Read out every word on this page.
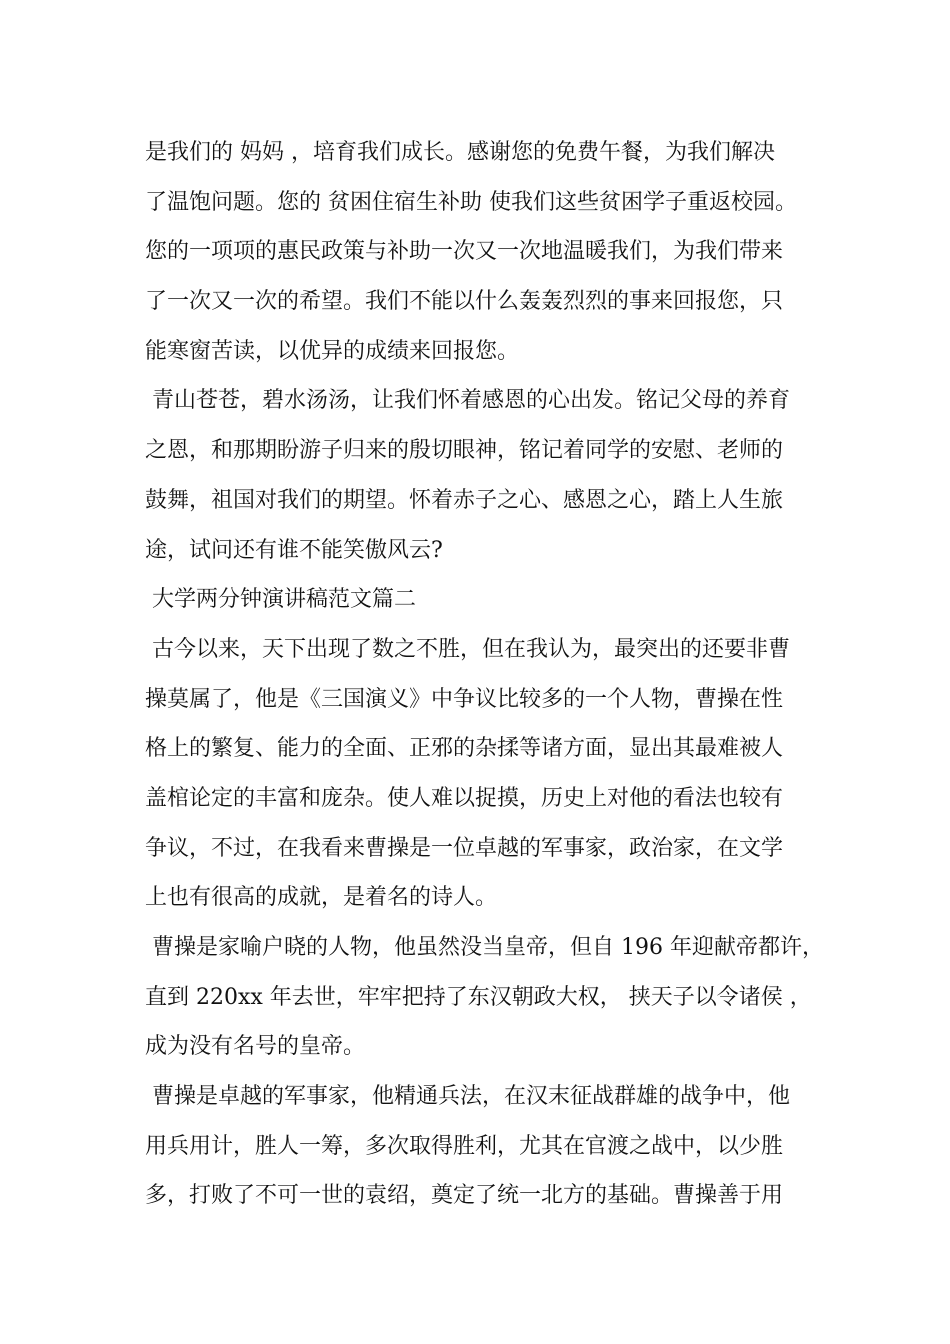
是我们的 妈妈 ，培育我们成长。感谢您的免费午餐，为我们解决
了温饱问题。您的 贫困住宿生补助 使我们这些贫困学子重返校园。
您的一项项的惠民政策与补助一次又一次地温暖我们，为我们带来
了一次又一次的希望。我们不能以什么轰轰烈烈的事来回报您，只
能寒窗苦读，以优异的成绩来回报您。
青山苍苍，碧水汤汤，让我们怀着感恩的心出发。铭记父母的养育
之恩，和那期盼游子归来的殷切眼神，铭记着同学的安慰、老师的
鼓舞，祖国对我们的期望。怀着赤子之心、感恩之心，踏上人生旅
途，试问还有谁不能笑傲风云?
大学两分钟演讲稿范文篇二
古今以来，天下出现了数之不胜，但在我认为，最突出的还要非曹
操莫属了，他是《三国演义》中争议比较多的一个人物，曹操在性
格上的繁复、能力的全面、正邪的杂揉等诸方面，显出其最难被人
盖棺论定的丰富和庞杂。使人难以捉摸，历史上对他的看法也较有
争议，不过，在我看来曹操是一位卓越的军事家，政治家，在文学
上也有很高的成就，是着名的诗人。
曹操是家喻户晓的人物，他虽然没当皇帝，但自 196 年迎献帝都许，
直到 220xx 年去世，牢牢把持了东汉朝政大权， 挟天子以令诸侯 ，
成为没有名号的皇帝。
曹操是卓越的军事家，他精通兵法，在汉末征战群雄的战争中，他
用兵用计，胜人一筹，多次取得胜利，尤其在官渡之战中，以少胜
多，打败了不可一世的袁绍，奠定了统一北方的基础。曹操善于用
